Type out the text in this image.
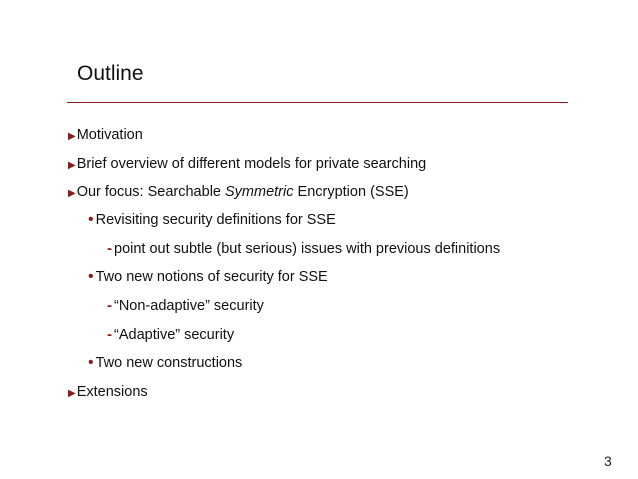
Outline
▶ Motivation
▶ Brief overview of different models for private searching
▶ Our focus: Searchable Symmetric Encryption (SSE)
• Revisiting security definitions for SSE
- point out subtle (but serious) issues with previous definitions
• Two new notions of security for SSE
- “Non-adaptive” security
- “Adaptive” security
• Two new constructions
▶ Extensions
3
